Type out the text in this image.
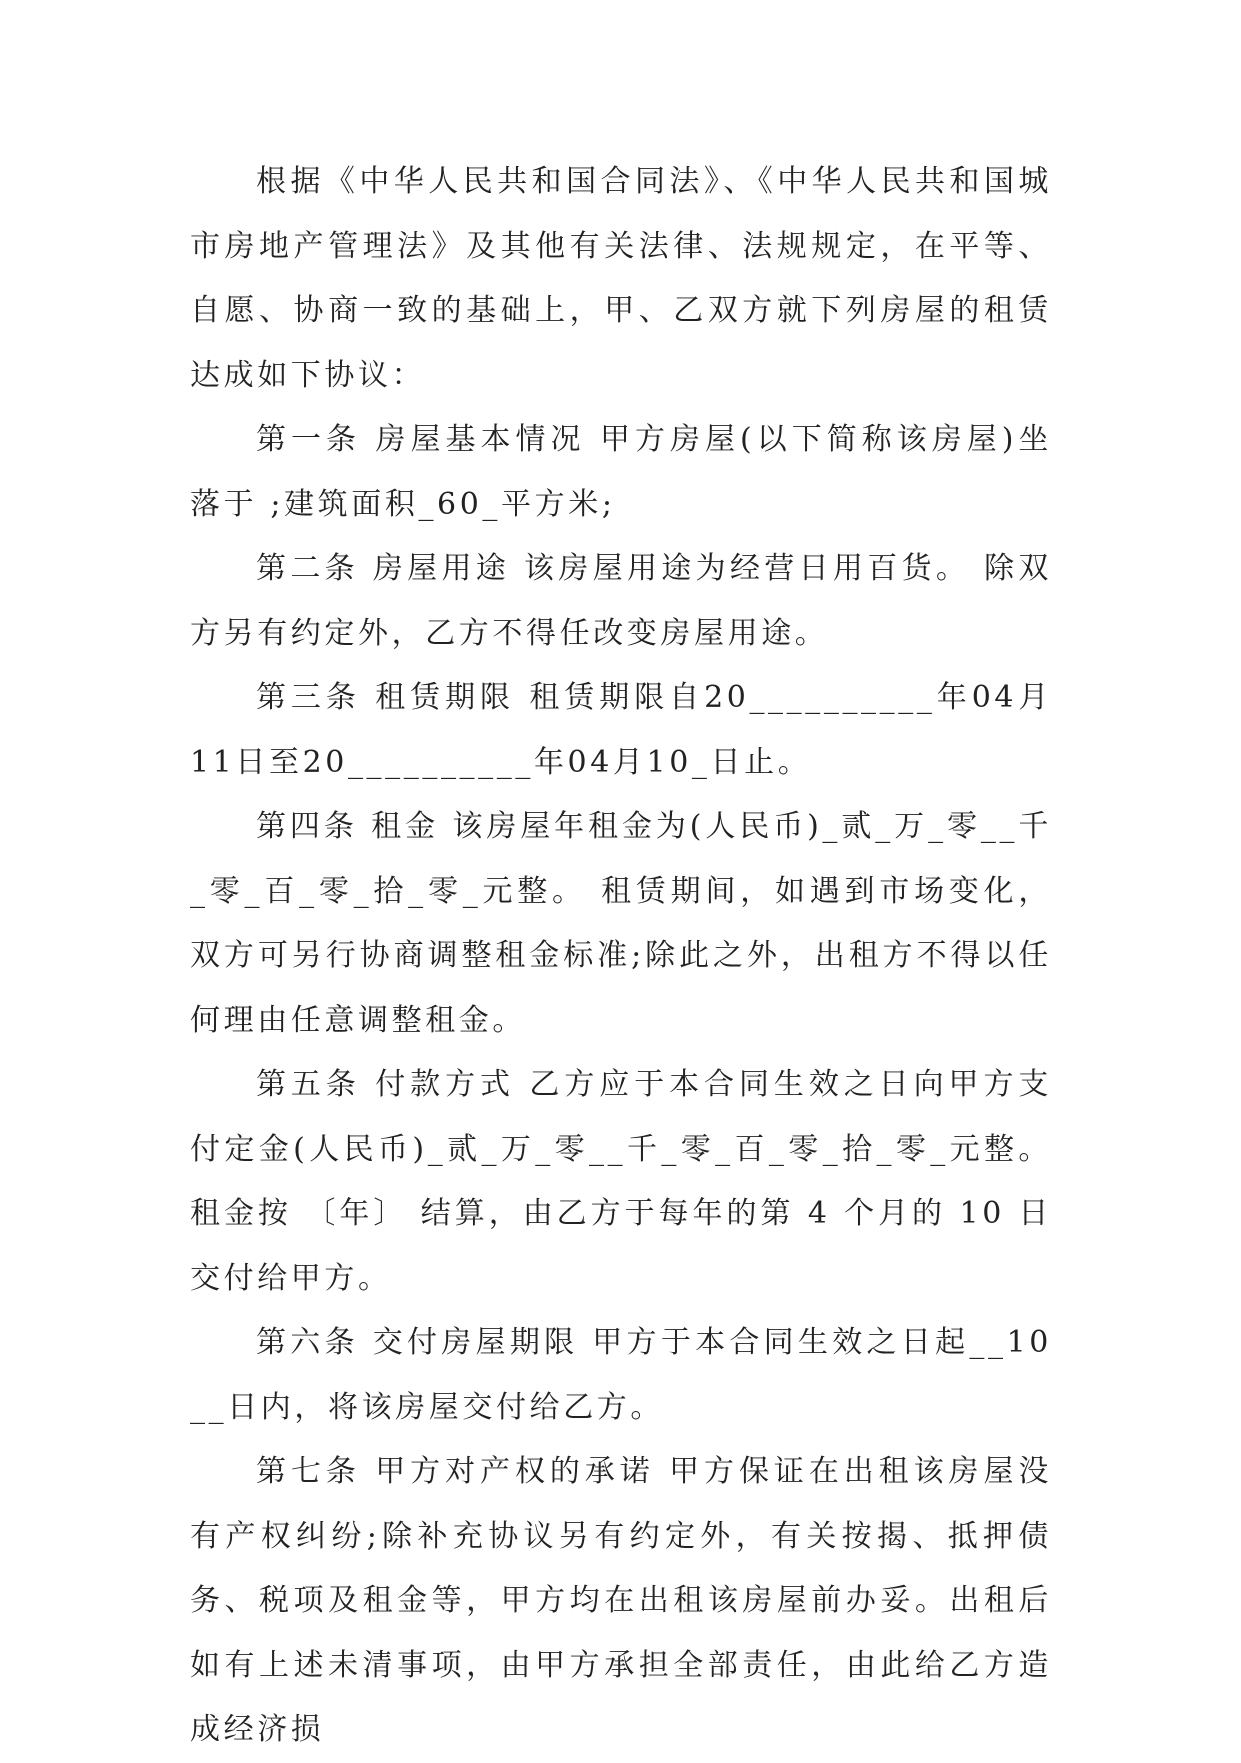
根据《中华人民共和国合同法》、《中华人民共和国城市房地产管理法》及其他有关法律、法规规定，在平等、自愿、协商一致的基础上，甲、乙双方就下列房屋的租赁达成如下协议：

第一条 房屋基本情况 甲方房屋(以下简称该房屋)坐落于 ;建筑面积_60_平方米;

第二条 房屋用途 该房屋用途为经营日用百货。 除双方另有约定外，乙方不得任改变房屋用途。

第三条 租赁期限 租赁期限自20__________年04月11日至20__________年04月10_日止。

第四条 租金 该房屋年租金为(人民币)_贰_万_零__千_零_百_零_拾_零_元整。 租赁期间，如遇到市场变化，双方可另行协商调整租金标准;除此之外，出租方不得以任何理由任意调整租金。

第五条 付款方式 乙方应于本合同生效之日向甲方支付定金(人民币)_贰_万_零__千_零_百_零_拾_零_元整。租金按 〔年〕 结算，由乙方于每年的第 4 个月的 10 日交付给甲方。

第六条 交付房屋期限 甲方于本合同生效之日起__10__日内，将该房屋交付给乙方。

第七条 甲方对产权的承诺 甲方保证在出租该房屋没有产权纠纷;除补充协议另有约定外，有关按揭、抵押债务、税项及租金等，甲方均在出租该房屋前办妥。出租后如有上述未清事项，由甲方承担全部责任，由此给乙方造成经济损
